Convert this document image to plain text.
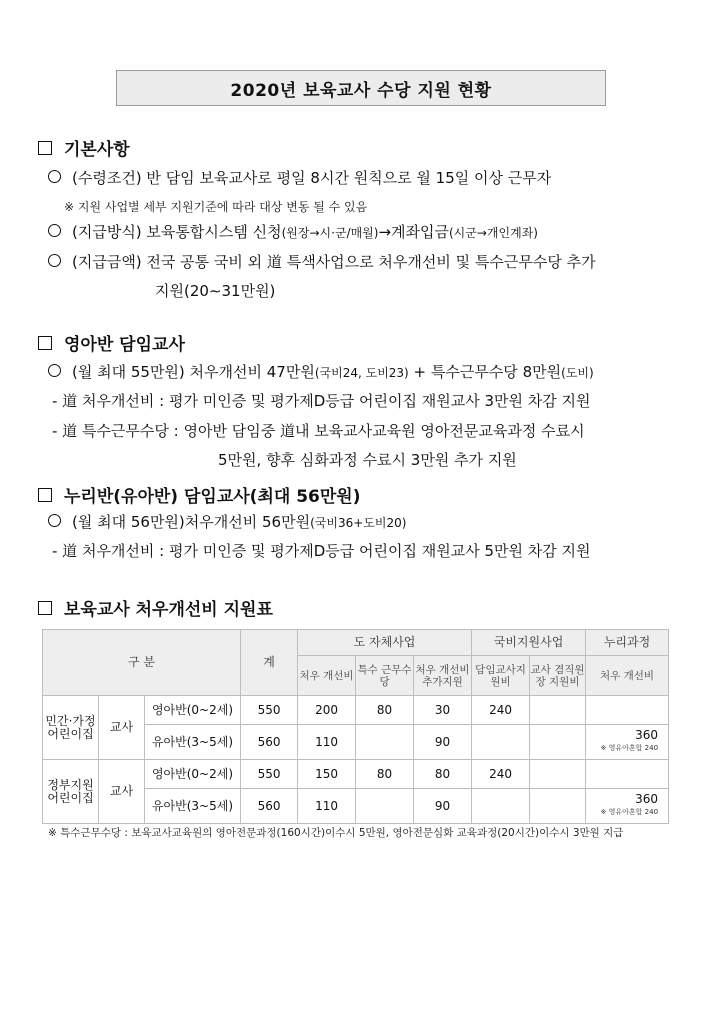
2020년 보육교사 수당 지원 현황
기본사항
(수령조건) 반 담임 보육교사로 평일 8시간 원칙으로 월 15일 이상 근무자
※ 지원 사업별 세부 지원기준에 따라 대상 변동 될 수 있음
(지급방식) 보육통합시스템 신청(원장→시·군/매월)→계좌입금(시군→개인계좌)
(지급금액) 전국 공통 국비 외 道 특색사업으로 처우개선비 및 특수근무수당 추가
지원(20∼31만원)
영아반 담임교사
(월 최대 55만원) 처우개선비 47만원(국비24, 도비23) + 특수근무수당 8만원(도비)
- 道 처우개선비 : 평가 미인증 및 평가제D등급 어린이집 재원교사 3만원 차감 지원
- 道 특수근무수당 : 영아반 담임중 道내 보육교사교육원 영아전문교육과정 수료시
5만원, 향후 심화과정 수료시 3만원 추가 지원
누리반(유아반) 담임교사(최대 56만원)
(월 최대 56만원)처우개선비 56만원(국비36+도비20)
- 道 처우개선비 : 평가 미인증 및 평가제D등급 어린이집 재원교사 5만원 차감 지원
보육교사 처우개선비 지원표
구 분			계	도 자체사업			국비지원사업		누리과정
				처우 개선비	특수 근무수당	처우 개선비 추가지원	담임교사지 원비	교사 겸직원장 지원비	처우 개선비
민간·가정 어린이집	교사	영아반(0~2세)	550	200	80	30	240		
		유아반(3~5세)	560	110		90			360
※ 영유아혼합 240

정부지원 어린이집	교사	영아반(0~2세)	550	150	80	80	240		
		유아반(3~5세)	560	110		90			360
※ 영유아혼합 240
※ 특수근무수당 : 보육교사교육원의 영아전문과정(160시간)이수시 5만원, 영아전문심화 교육과정(20시간)이수시 3만원 지급
